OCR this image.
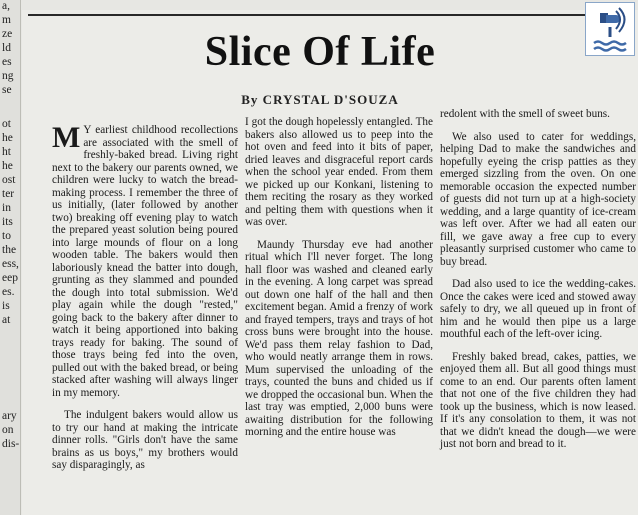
a,
m
ze
ld
es
ng
se
ot
he
ht
he
ost
ter
in
its
to
the
ess,
eep
es.
is
at
ary
on
dis-
Slice Of Life
By CRYSTAL D'SOUZA

M Y earliest childhood recollections are associated with the smell of freshly-baked bread. Living right next to the bakery our parents owned, we children were lucky to watch the bread-making process. I remember the three of us initially, (later followed by another two) breaking off evening play to watch the prepared yeast solution being poured into large mounds of flour on a long wooden table. The bakers would then laboriously knead the batter into dough, grunting as they slammed and pounded the dough into total submission. We'd play again while the dough "rested," going back to the bakery after dinner to watch it being apportioned into baking trays ready for baking. The sound of those trays being fed into the oven, pulled out with the baked bread, or being stacked after washing will always linger in my memory.

The indulgent bakers would allow us to try our hand at making the intricate dinner rolls. "Girls don't have the same brains as us boys," my brothers would say disparagingly, as

I got the dough hopelessly entangled. The bakers also allowed us to peep into the hot oven and feed into it bits of paper, dried leaves and disgraceful report cards when the school year ended. From them we picked up our Konkani, listening to them reciting the rosary as they worked and pelting them with questions when it was over.

Maundy Thursday eve had another ritual which I'll never forget. The long hall floor was washed and cleaned early in the evening. A long carpet was spread out down one half of the hall and then excitement began. Amid a frenzy of work and frayed tempers, trays and trays of hot cross buns were brought into the house. We'd pass them relay fashion to Dad, who would neatly arrange them in rows. Mum supervised the unloading of the trays, counted the buns and chided us if we dropped the occasional bun. When the last tray was emptied, 2,000 buns were awaiting distribution for the following morning and the entire house was

redolent with the smell of sweet buns.

We also used to cater for weddings, helping Dad to make the sandwiches and hopefully eyeing the crisp patties as they emerged sizzling from the oven. On one memorable occasion the expected number of guests did not turn up at a high-society wedding, and a large quantity of ice-cream was left over. After we had all eaten our fill, we gave away a free cup to every pleasantly surprised customer who came to buy bread.

Dad also used to ice the wedding-cakes. Once the cakes were iced and stowed away safely to dry, we all queued up in front of him and he would then pipe us a large mouthful each of the left-over icing.

Freshly baked bread, cakes, patties, we enjoyed them all. But all good things must come to an end. Our parents often lament that not one of the five children they had took up the business, which is now leased. If it's any consolation to them, it was not that we didn't knead the dough—we were just not born and bread to it.
